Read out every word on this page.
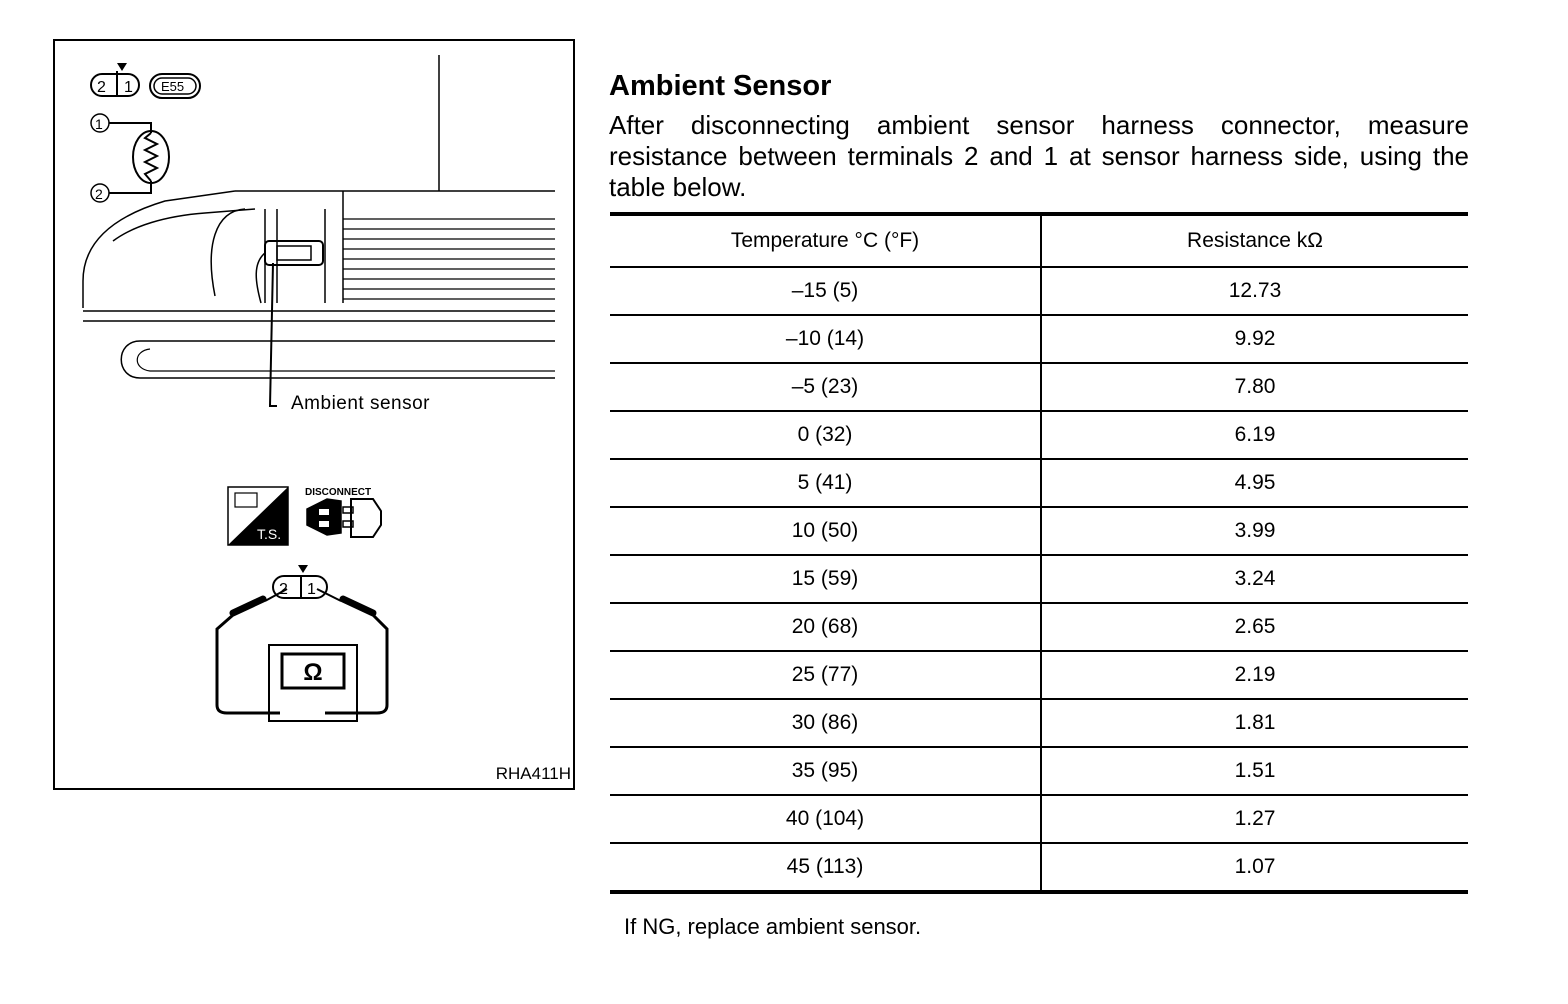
2 1 E55
1
2
T.S.
DISCONNECT
2 1
Ω
Ambient sensor
RHA411H
Ambient Sensor
After disconnecting ambient sensor harness connector, measure resistance between terminals 2 and 1 at sensor harness side, using the table below.
Temperature °C (°F)	Resistance kΩ
–15 (5)	12.73
–10 (14)	9.92
–5 (23)	7.80
0 (32)	6.19
5 (41)	4.95
10 (50)	3.99
15 (59)	3.24
20 (68)	2.65
25 (77)	2.19
30 (86)	1.81
35 (95)	1.51
40 (104)	1.27
45 (113)	1.07
If NG, replace ambient sensor.
